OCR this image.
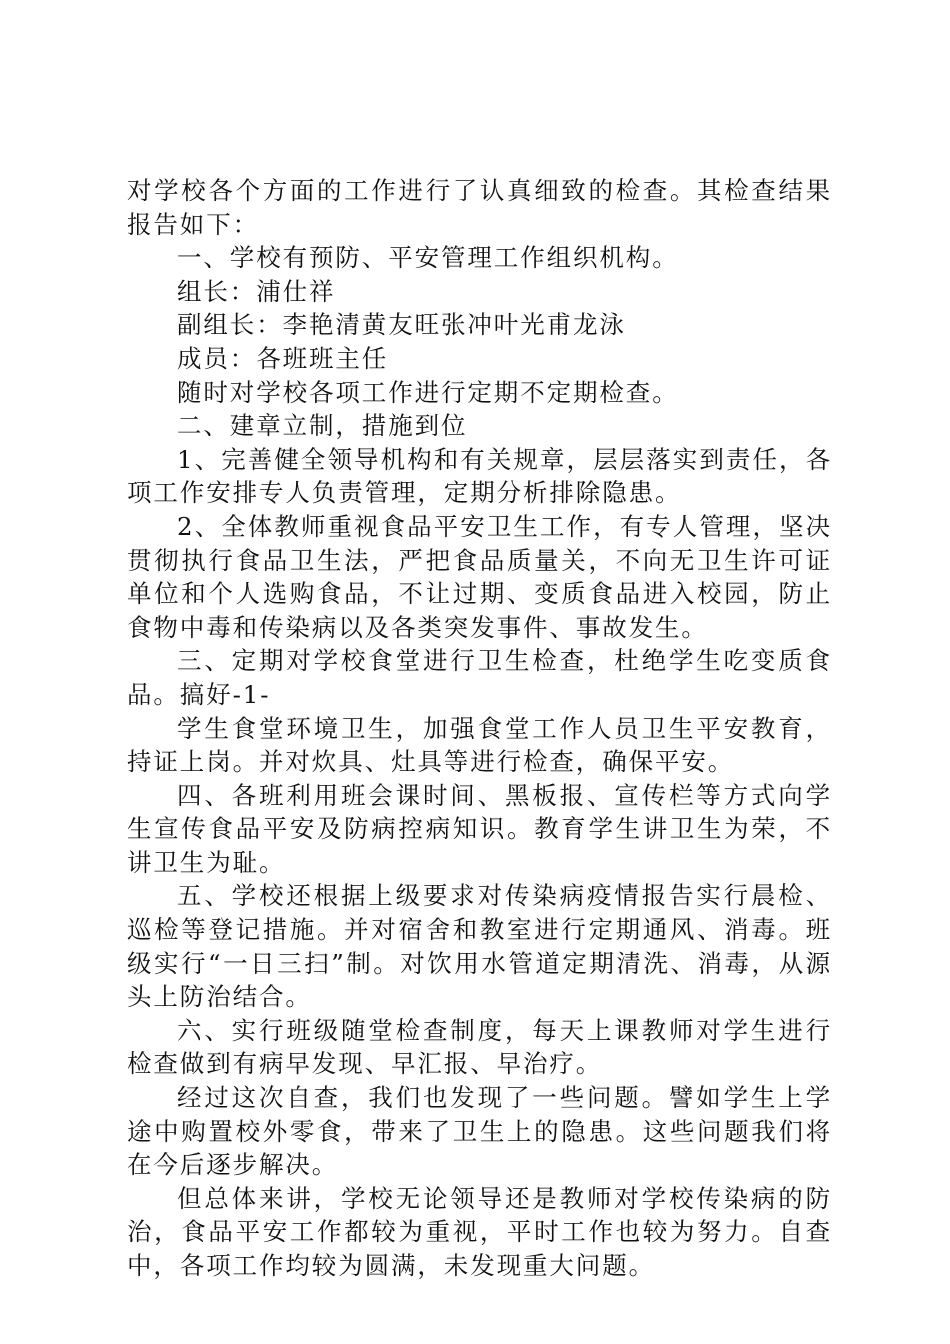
对学校各个方面的工作进行了认真细致的检查。其检查结果报告如下：

一、学校有预防、平安管理工作组织机构。

组长：浦仕祥

副组长：李艳清黄友旺张冲叶光甫龙泳

成员：各班班主任

随时对学校各项工作进行定期不定期检查。

二、建章立制，措施到位

1、完善健全领导机构和有关规章，层层落实到责任，各项工作安排专人负责管理，定期分析排除隐患。

2、全体教师重视食品平安卫生工作，有专人管理，坚决贯彻执行食品卫生法，严把食品质量关，不向无卫生许可证单位和个人选购食品，不让过期、变质食品进入校园，防止食物中毒和传染病以及各类突发事件、事故发生。

三、定期对学校食堂进行卫生检查，杜绝学生吃变质食品。搞好-1-

学生食堂环境卫生，加强食堂工作人员卫生平安教育，持证上岗。并对炊具、灶具等进行检查，确保平安。

四、各班利用班会课时间、黑板报、宣传栏等方式向学生宣传食品平安及防病控病知识。教育学生讲卫生为荣，不讲卫生为耻。

五、学校还根据上级要求对传染病疫情报告实行晨检、巡检等登记措施。并对宿舍和教室进行定期通风、消毒。班级实行“一日三扫”制。对饮用水管道定期清洗、消毒，从源头上防治结合。

六、实行班级随堂检查制度，每天上课教师对学生进行检查做到有病早发现、早汇报、早治疗。

经过这次自查，我们也发现了一些问题。譬如学生上学途中购置校外零食，带来了卫生上的隐患。这些问题我们将在今后逐步解决。

但总体来讲，学校无论领导还是教师对学校传染病的防治，食品平安工作都较为重视，平时工作也较为努力。自查中，各项工作均较为圆满，未发现重大问题。
